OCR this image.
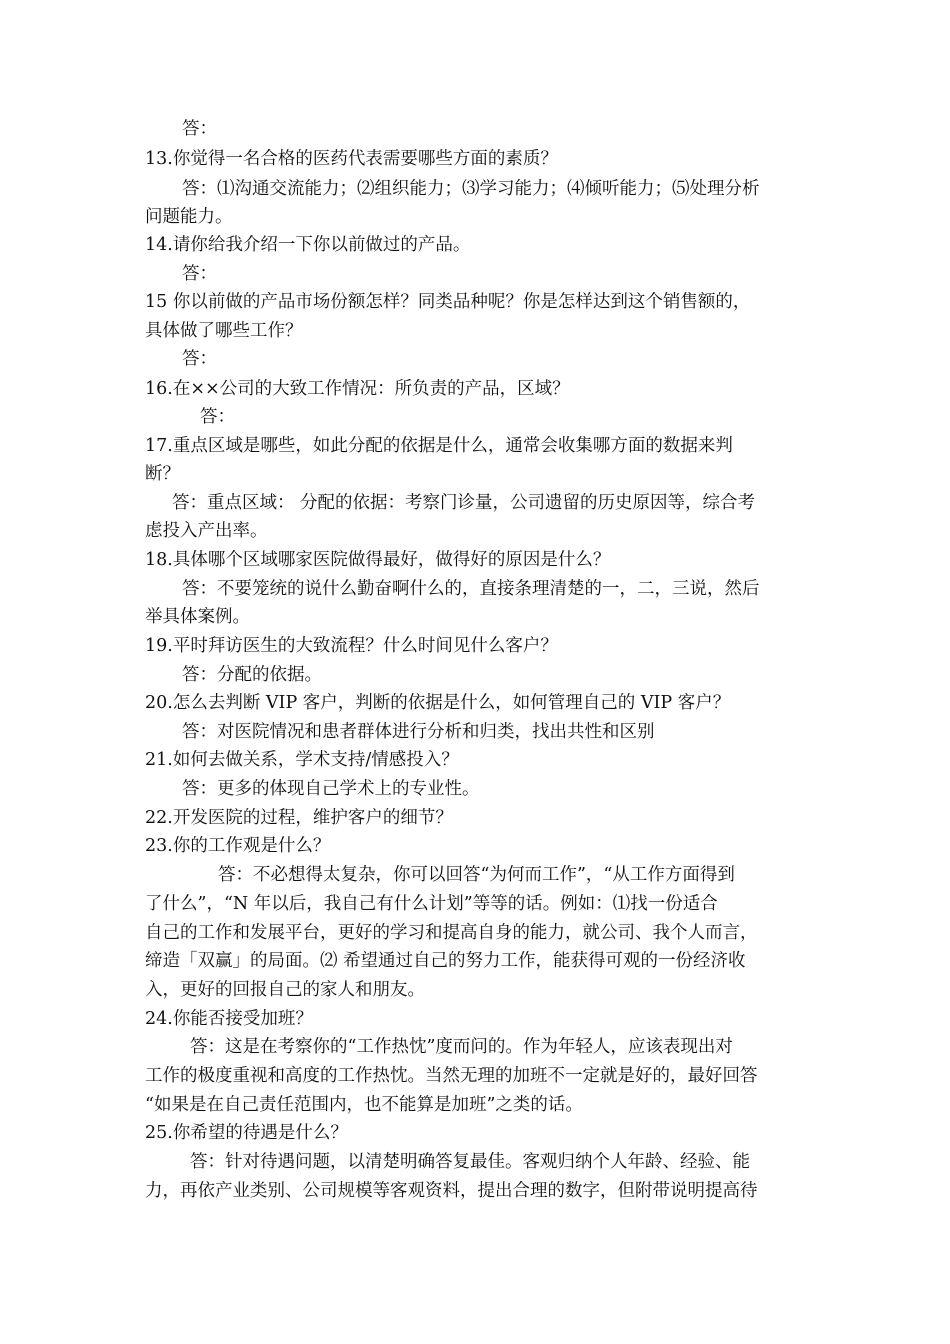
答：
13.你觉得一名合格的医药代表需要哪些方面的素质？
答：⑴沟通交流能力；⑵组织能力；⑶学习能力；⑷倾听能力；⑸处理分析
问题能力。
14.请你给我介绍一下你以前做过的产品。
答：
15 你以前做的产品市场份额怎样？同类品种呢？你是怎样达到这个销售额的，
具体做了哪些工作？
答：
16.在××公司的大致工作情况：所负责的产品，区域？
答：
17.重点区域是哪些，如此分配的依据是什么，通常会收集哪方面的数据来判
断？
答：重点区域： 分配的依据：考察门诊量，公司遗留的历史原因等，综合考
虑投入产出率。
18.具体哪个区域哪家医院做得最好，做得好的原因是什么？
答：不要笼统的说什么勤奋啊什么的，直接条理清楚的一，二，三说，然后
举具体案例。
19.平时拜访医生的大致流程？什么时间见什么客户？
答：分配的依据。
20.怎么去判断 VIP 客户，判断的依据是什么，如何管理自己的 VIP 客户？
答：对医院情况和患者群体进行分析和归类，找出共性和区别
21.如何去做关系，学术支持/情感投入？
答：更多的体现自己学术上的专业性。
22.开发医院的过程，维护客户的细节？
23.你的工作观是什么？
答：不必想得太复杂，你可以回答“为何而工作”，“从工作方面得到
了什么”，“N 年以后，我自己有什么计划”等等的话。例如：⑴找一份适合
自己的工作和发展平台，更好的学习和提高自身的能力，就公司、我个人而言，
缔造「双赢」的局面。⑵ 希望通过自己的努力工作，能获得可观的一份经济收
入，更好的回报自己的家人和朋友。
24.你能否接受加班？
答：这是在考察你的“工作热忱”度而问的。作为年轻人，应该表现出对
工作的极度重视和高度的工作热忱。当然无理的加班不一定就是好的，最好回答
“如果是在自己责任范围内，也不能算是加班”之类的话。
25.你希望的待遇是什么？
答：针对待遇问题，以清楚明确答复最佳。客观归纳个人年龄、经验、能
力，再依产业类别、公司规模等客观资料，提出合理的数字，但附带说明提高待
